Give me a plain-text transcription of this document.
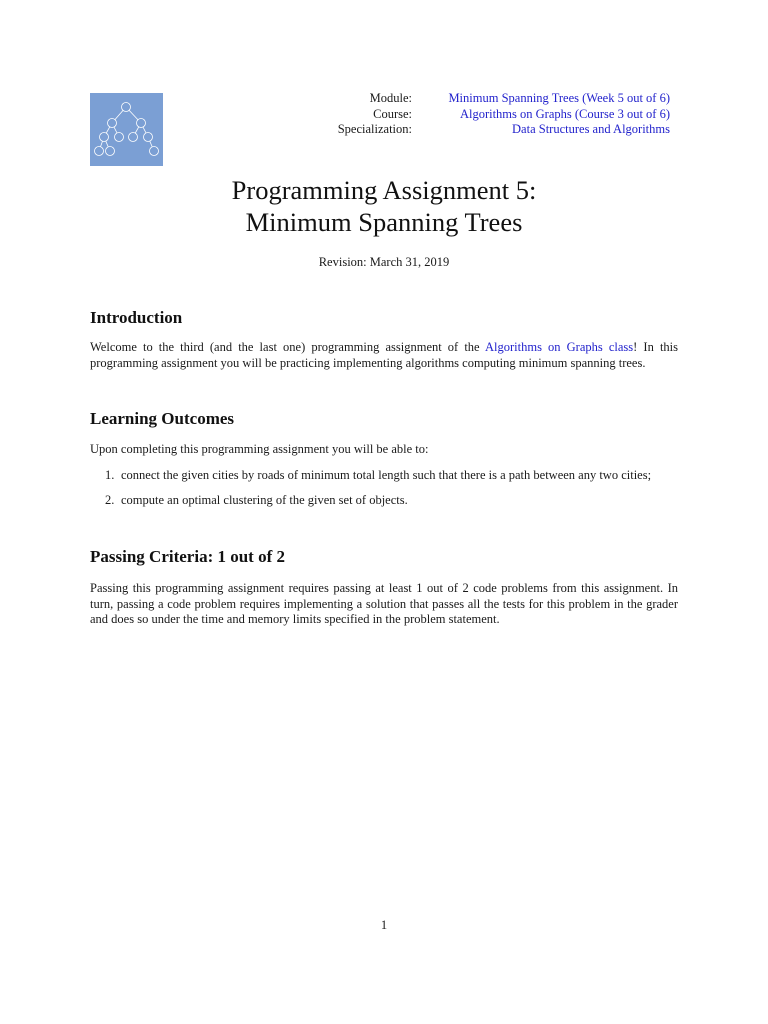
Module:	Minimum Spanning Trees (Week 5 out of 6)
Course:	Algorithms on Graphs (Course 3 out of 6)
Specialization:	Data Structures and Algorithms
Programming Assignment 5:
Minimum Spanning Trees
Revision: March 31, 2019
Introduction

Welcome to the third (and the last one) programming assignment of the Algorithms on Graphs class! In this programming assignment you will be practicing implementing algorithms computing minimum spanning trees.

Learning Outcomes

Upon completing this programming assignment you will be able to:

1. connect the given cities by roads of minimum total length such that there is a path between any two cities;
2. compute an optimal clustering of the given set of objects.
Passing Criteria: 1 out of 2

Passing this programming assignment requires passing at least 1 out of 2 code problems from this assignment. In turn, passing a code problem requires implementing a solution that passes all the tests for this problem in the grader and does so under the time and memory limits specified in the problem statement.

1
